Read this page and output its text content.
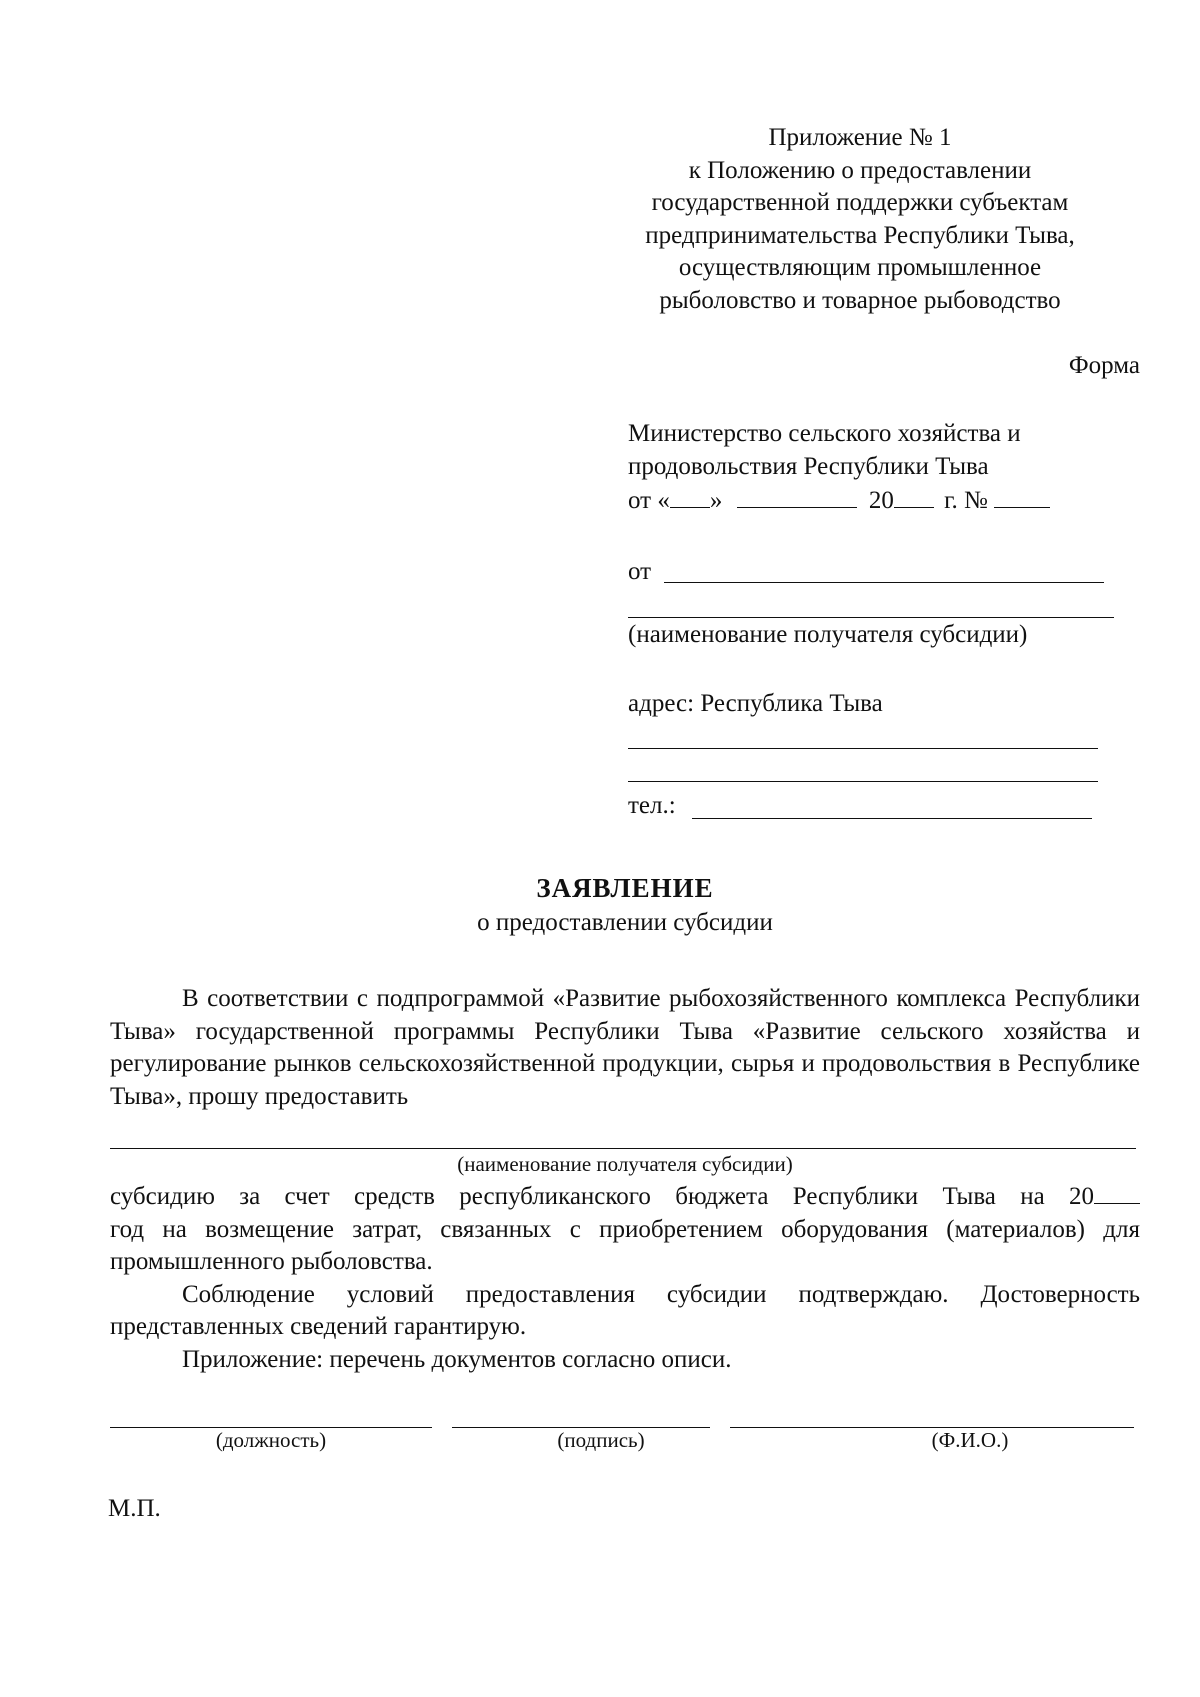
Приложение № 1
к Положению о предоставлении
государственной поддержки субъектам
предпринимательства Республики Тыва,
осуществляющим промышленное
рыболовство и товарное рыбоводство
Форма
Министерство сельского хозяйства и
продовольствия Республики Тыва
от « »	20 г. №
от
(наименование получателя субсидии)
адрес: Республика Тыва
тел.:
ЗАЯВЛЕНИЕ
о предоставлении субсидии

В соответствии с подпрограммой «Развитие рыбохозяйственного комплекса Республики Тыва» государственной программы Республики Тыва «Развитие сельского хозяйства и регулирование рынков сельскохозяйственной продукции, сырья и продовольствия в Республике Тыва», прошу предоставить

(наименование получателя субсидии)
субсидию за счет средств республиканского бюджета Республики Тыва на 20
год на возмещение затрат, связанных с приобретением оборудования (материалов) для промышленного рыболовства.

Соблюдение условий предоставления субсидии подтверждаю. Достоверность представленных сведений гарантирую.

Приложение: перечень документов согласно описи.

(должность)	(подпись)	(Ф.И.О.)
М.П.
